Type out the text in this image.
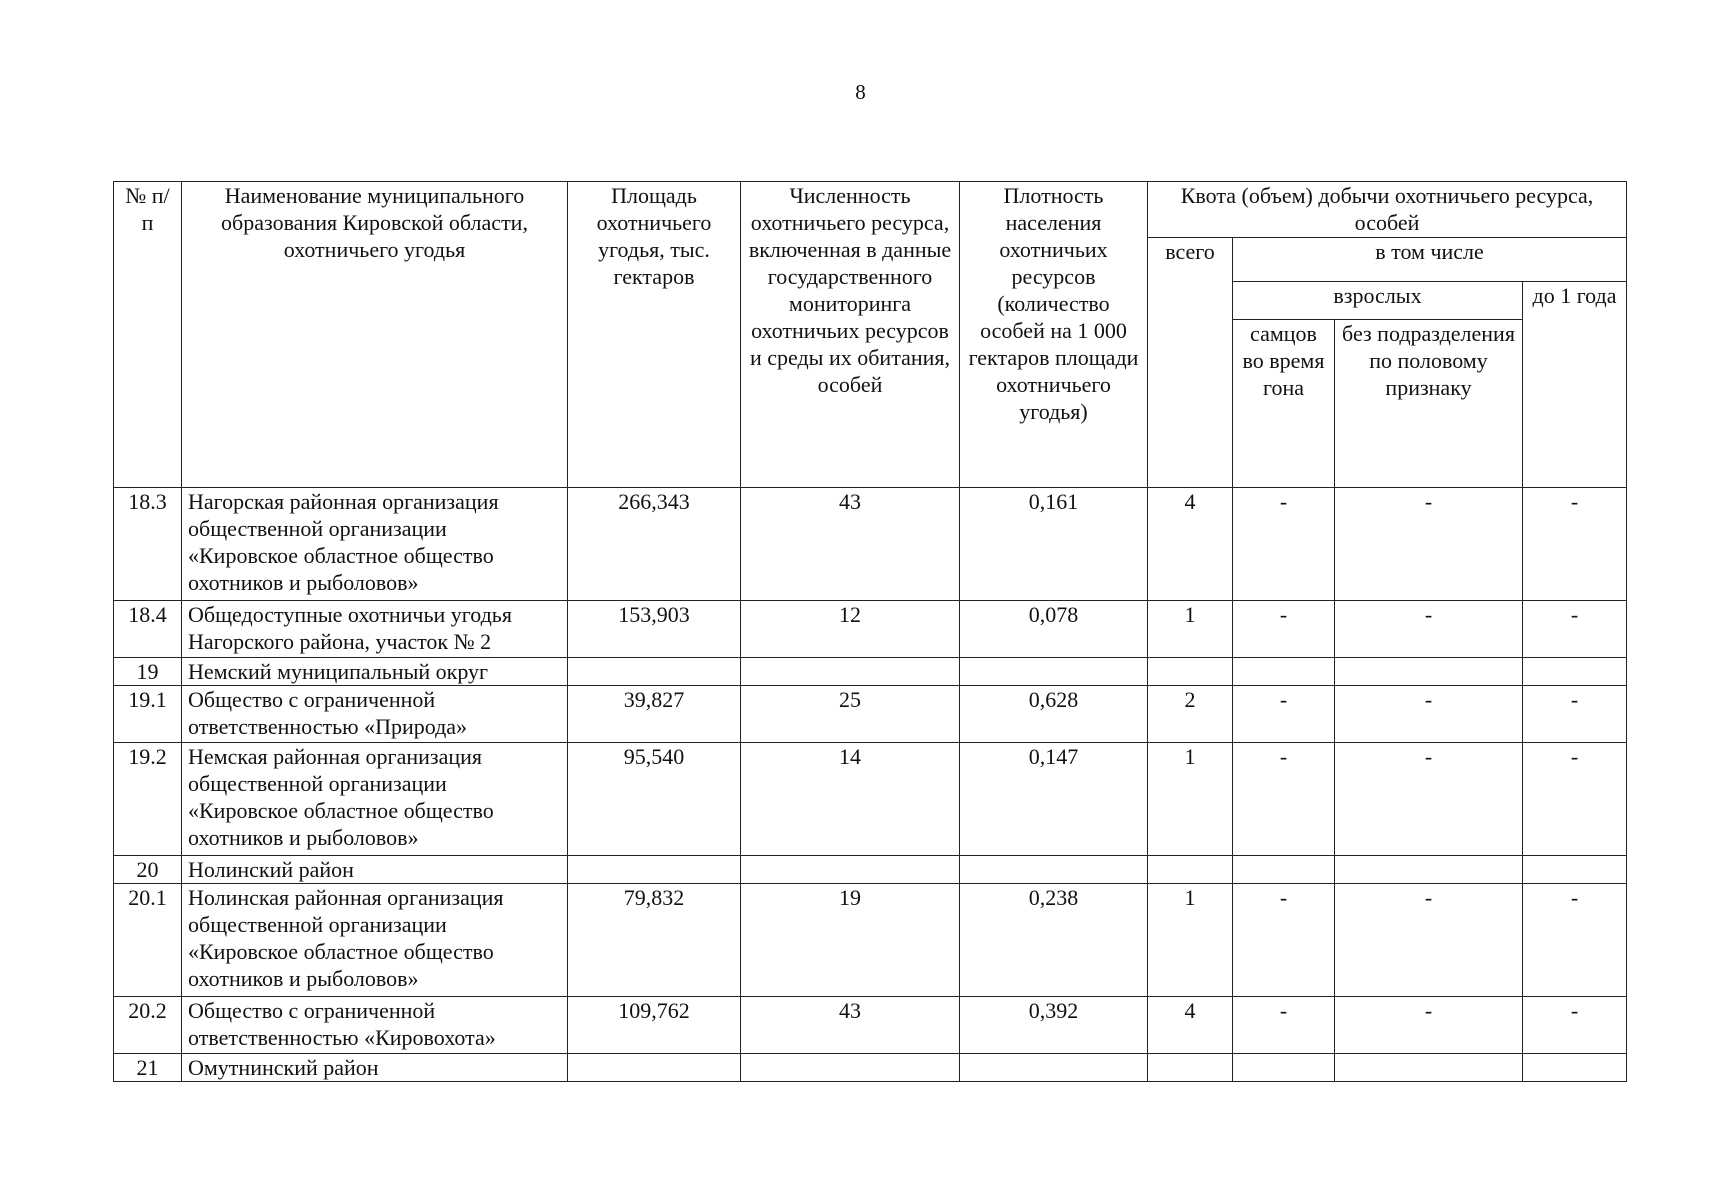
8
№ п/п	Наименование муниципального образования Кировской области, охотничьего угодья	Площадь охотничьего угодья, тыс. гектаров	Численность охотничьего ресурса, включенная в данные государственного мониторинга охотничьих ресурсов и среды их обитания, особей	Плотность населения охотничьих ресурсов (количество особей на 1 000 гектаров площади охотничьего угодья)	Квота (объем) добычи охотничьего ресурса, особей			
					всего	в том числе		
						взрослых		до 1 года
						самцов во время гона	без подразделения по половому признаку	
18.3	Нагорская районная организация общественной организации «Кировское областное общество охотников и рыболовов»	266,343	43	0,161	4	-	-	-
18.4	Общедоступные охотничьи угодья Нагорского района, участок № 2	153,903	12	0,078	1	-	-	-
19	Немский муниципальный округ							
19.1	Общество с ограниченной ответственностью «Природа»	39,827	25	0,628	2	-	-	-
19.2	Немская районная организация общественной организации «Кировское областное общество охотников и рыболовов»	95,540	14	0,147	1	-	-	-
20	Нолинский район							
20.1	Нолинская районная организация общественной организации «Кировское областное общество охотников и рыболовов»	79,832	19	0,238	1	-	-	-
20.2	Общество с ограниченной ответственностью «Кировохота»	109,762	43	0,392	4	-	-	-
21	Омутнинский район							
